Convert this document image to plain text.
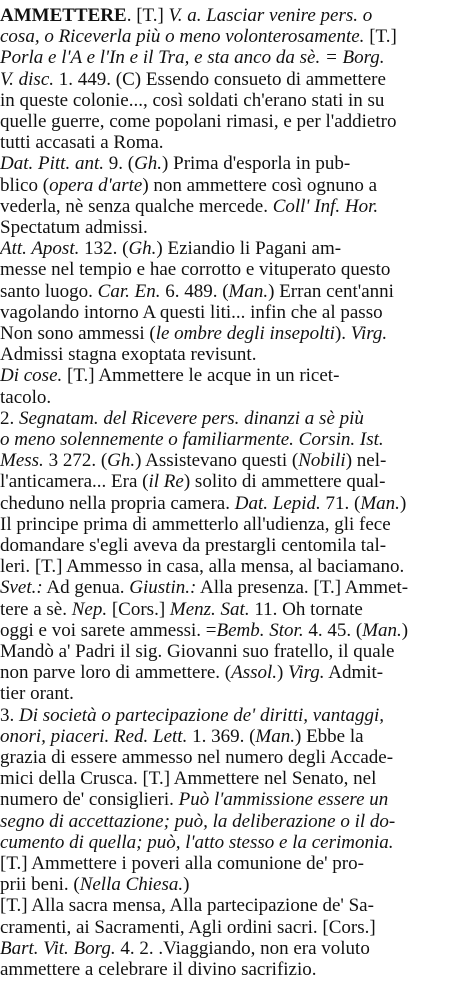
AMMETTERE. [T.] V. a. Lasciar venire pers. o
cosa, o Riceverla più o meno volonterosamente. [T.]
Porla e l'A e l'In e il Tra, e sta anco da sè. = Borg.
V. disc. 1. 449. (C) Essendo consueto di ammettere
in queste colonie..., così soldati ch'erano stati in su
quelle guerre, come popolani rimasi, e per l'addietro
tutti accasati a Roma.
Dat. Pitt. ant. 9. (Gh.) Prima d'esporla in pub-
blico (opera d'arte) non ammettere così ognuno a
vederla, nè senza qualche mercede. Coll' Inf. Hor.
Spectatum admissi.
Att. Apost. 132. (Gh.) Eziandio li Pagani am-
messe nel tempio e hae corrotto e vituperato questo
santo luogo. Car. En. 6. 489. (Man.) Erran cent'anni
vagolando intorno A questi liti... infin che al passo
Non sono ammessi (le ombre degli insepolti). Virg.
Admissi stagna exoptata revisunt.
Di cose. [T.] Ammettere le acque in un ricet-
tacolo.
2. Segnatam. del Ricevere pers. dinanzi a sè più
o meno solennemente o familiarmente. Corsin. Ist.
Mess. 3 272. (Gh.) Assistevano questi (Nobili) nel-
l'anticamera... Era (il Re) solito di ammettere qual-
cheduno nella propria camera. Dat. Lepid. 71. (Man.)
Il principe prima di ammetterlo all'udienza, gli fece
domandare s'egli aveva da prestargli centomila tal-
leri. [T.] Ammesso in casa, alla mensa, al baciamano.
Svet.: Ad genua. Giustin.: Alla presenza. [T.] Ammet-
tere a sè. Nep. [Cors.] Menz. Sat. 11. Oh tornate
oggi e voi sarete ammessi. =Bemb. Stor. 4. 45. (Man.)
Mandò a' Padri il sig. Giovanni suo fratello, il quale
non parve loro di ammettere. (Assol.) Virg. Admit-
tier orant.
3. Di società o partecipazione de' diritti, vantaggi,
onori, piaceri. Red. Lett. 1. 369. (Man.) Ebbe la
grazia di essere ammesso nel numero degli Accade-
mici della Crusca. [T.] Ammettere nel Senato, nel
numero de' consiglieri. Può l'ammissione essere un
segno di accettazione; può, la deliberazione o il do-
cumento di quella; può, l'atto stesso e la cerimonia.
[T.] Ammettere i poveri alla comunione de' pro-
prii beni. (Nella Chiesa.)
[T.] Alla sacra mensa, Alla partecipazione de' Sa-
cramenti, ai Sacramenti, Agli ordini sacri. [Cors.]
Bart. Vit. Borg. 4. 2. .Viaggiando, non era voluto
ammettere a celebrare il divino sacrifizio.
